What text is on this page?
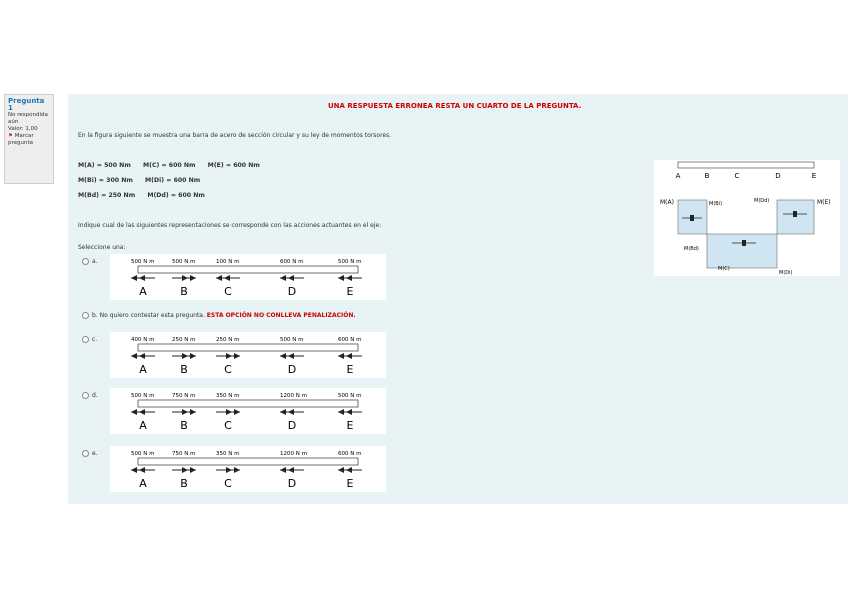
Pregunta 1
No respondida aún
Valor: 1,00
⚑ Marcar pregunta
UNA RESPUESTA ERRONEA RESTA UN CUARTO DE LA PREGUNTA.
En la figura siguiente se muestra una barra de acero de sección circular y su ley de momentos torsores.
M(A) = 500 Nm M(C) = 600 Nm M(E) = 600 Nm
M(Bi) = 300 Nm M(Di) = 600 Nm
M(Bd) = 250 Nm M(Dd) = 600 Nm
Indique cual de las siguientes representaciones se corresponde con las acciones actuantes en el eje:
Seleccione una:
a.	500 N m
A
500 N m
B
100 N m
C
600 N m
D
500 N m
E
b. No quiero contestar esta pregunta. ESTA OPCIÓN NO CONLLEVA PENALIZACIÓN.
c.	400 N m
A
250 N m
B
250 N m
C
500 N m
D
600 N m
E
d.	500 N m
A
750 N m
B
350 N m
C
1200 N m
D
500 N m
E
e.	500 N m
A
750 N m
B
350 N m
C
1200 N m
D
600 N m
E
A	B	C	D	E
M(A)	M(Bi)	M(Dd)	M(E)
M(Bd)
M(C)
M(Di)
